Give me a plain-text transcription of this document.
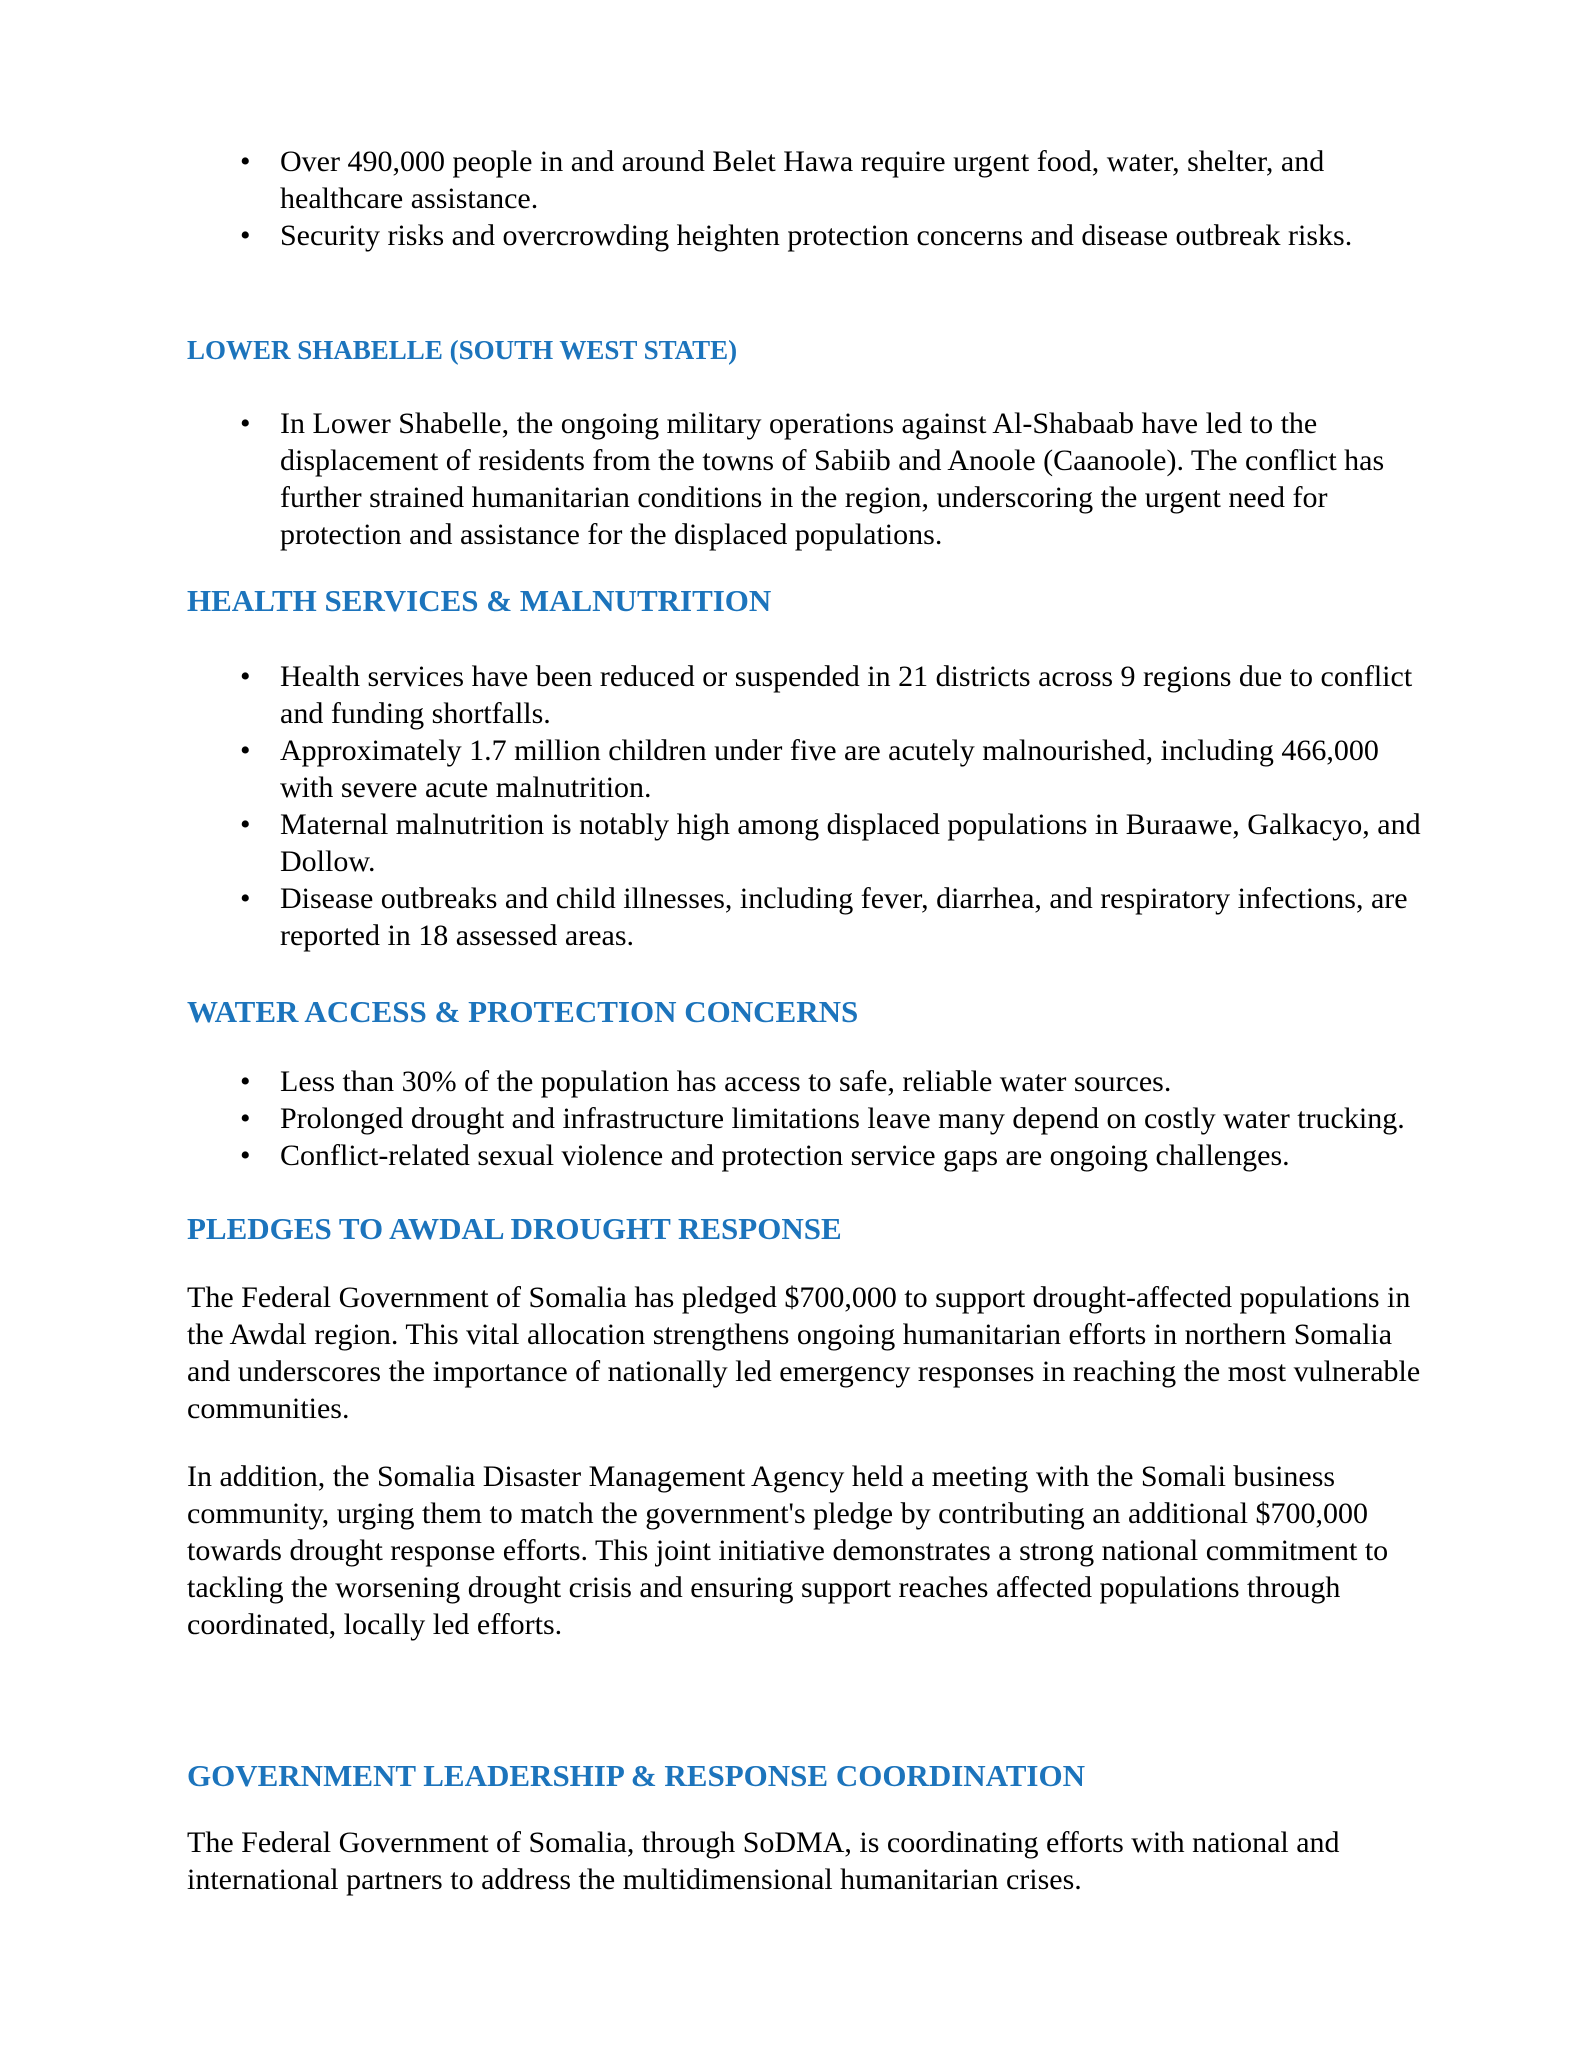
• Over 490,000 people in and around Belet Hawa require urgent food, water, shelter, and healthcare assistance.
• Security risks and overcrowding heighten protection concerns and disease outbreak risks.
LOWER SHABELLE (SOUTH WEST STATE)
• In Lower Shabelle, the ongoing military operations against Al-Shabaab have led to the displacement of residents from the towns of Sabiib and Anoole (Caanoole). The conflict has further strained humanitarian conditions in the region, underscoring the urgent need for protection and assistance for the displaced populations.
HEALTH SERVICES & MALNUTRITION
• Health services have been reduced or suspended in 21 districts across 9 regions due to conflict and funding shortfalls.
• Approximately 1.7 million children under five are acutely malnourished, including 466,000 with severe acute malnutrition.
• Maternal malnutrition is notably high among displaced populations in Buraawe, Galkacyo, and Dollow.
• Disease outbreaks and child illnesses, including fever, diarrhea, and respiratory infections, are reported in 18 assessed areas.
WATER ACCESS & PROTECTION CONCERNS
• Less than 30% of the population has access to safe, reliable water sources.
• Prolonged drought and infrastructure limitations leave many depend on costly water trucking.
• Conflict-related sexual violence and protection service gaps are ongoing challenges.
PLEDGES TO AWDAL DROUGHT RESPONSE

The Federal Government of Somalia has pledged $700,000 to support drought-affected populations in the Awdal region. This vital allocation strengthens ongoing humanitarian efforts in northern Somalia and underscores the importance of nationally led emergency responses in reaching the most vulnerable communities.

In addition, the Somalia Disaster Management Agency held a meeting with the Somali business community, urging them to match the government's pledge by contributing an additional $700,000 towards drought response efforts. This joint initiative demonstrates a strong national commitment to tackling the worsening drought crisis and ensuring support reaches affected populations through coordinated, locally led efforts.

GOVERNMENT LEADERSHIP & RESPONSE COORDINATION

The Federal Government of Somalia, through SoDMA, is coordinating efforts with national and international partners to address the multidimensional humanitarian crises.
